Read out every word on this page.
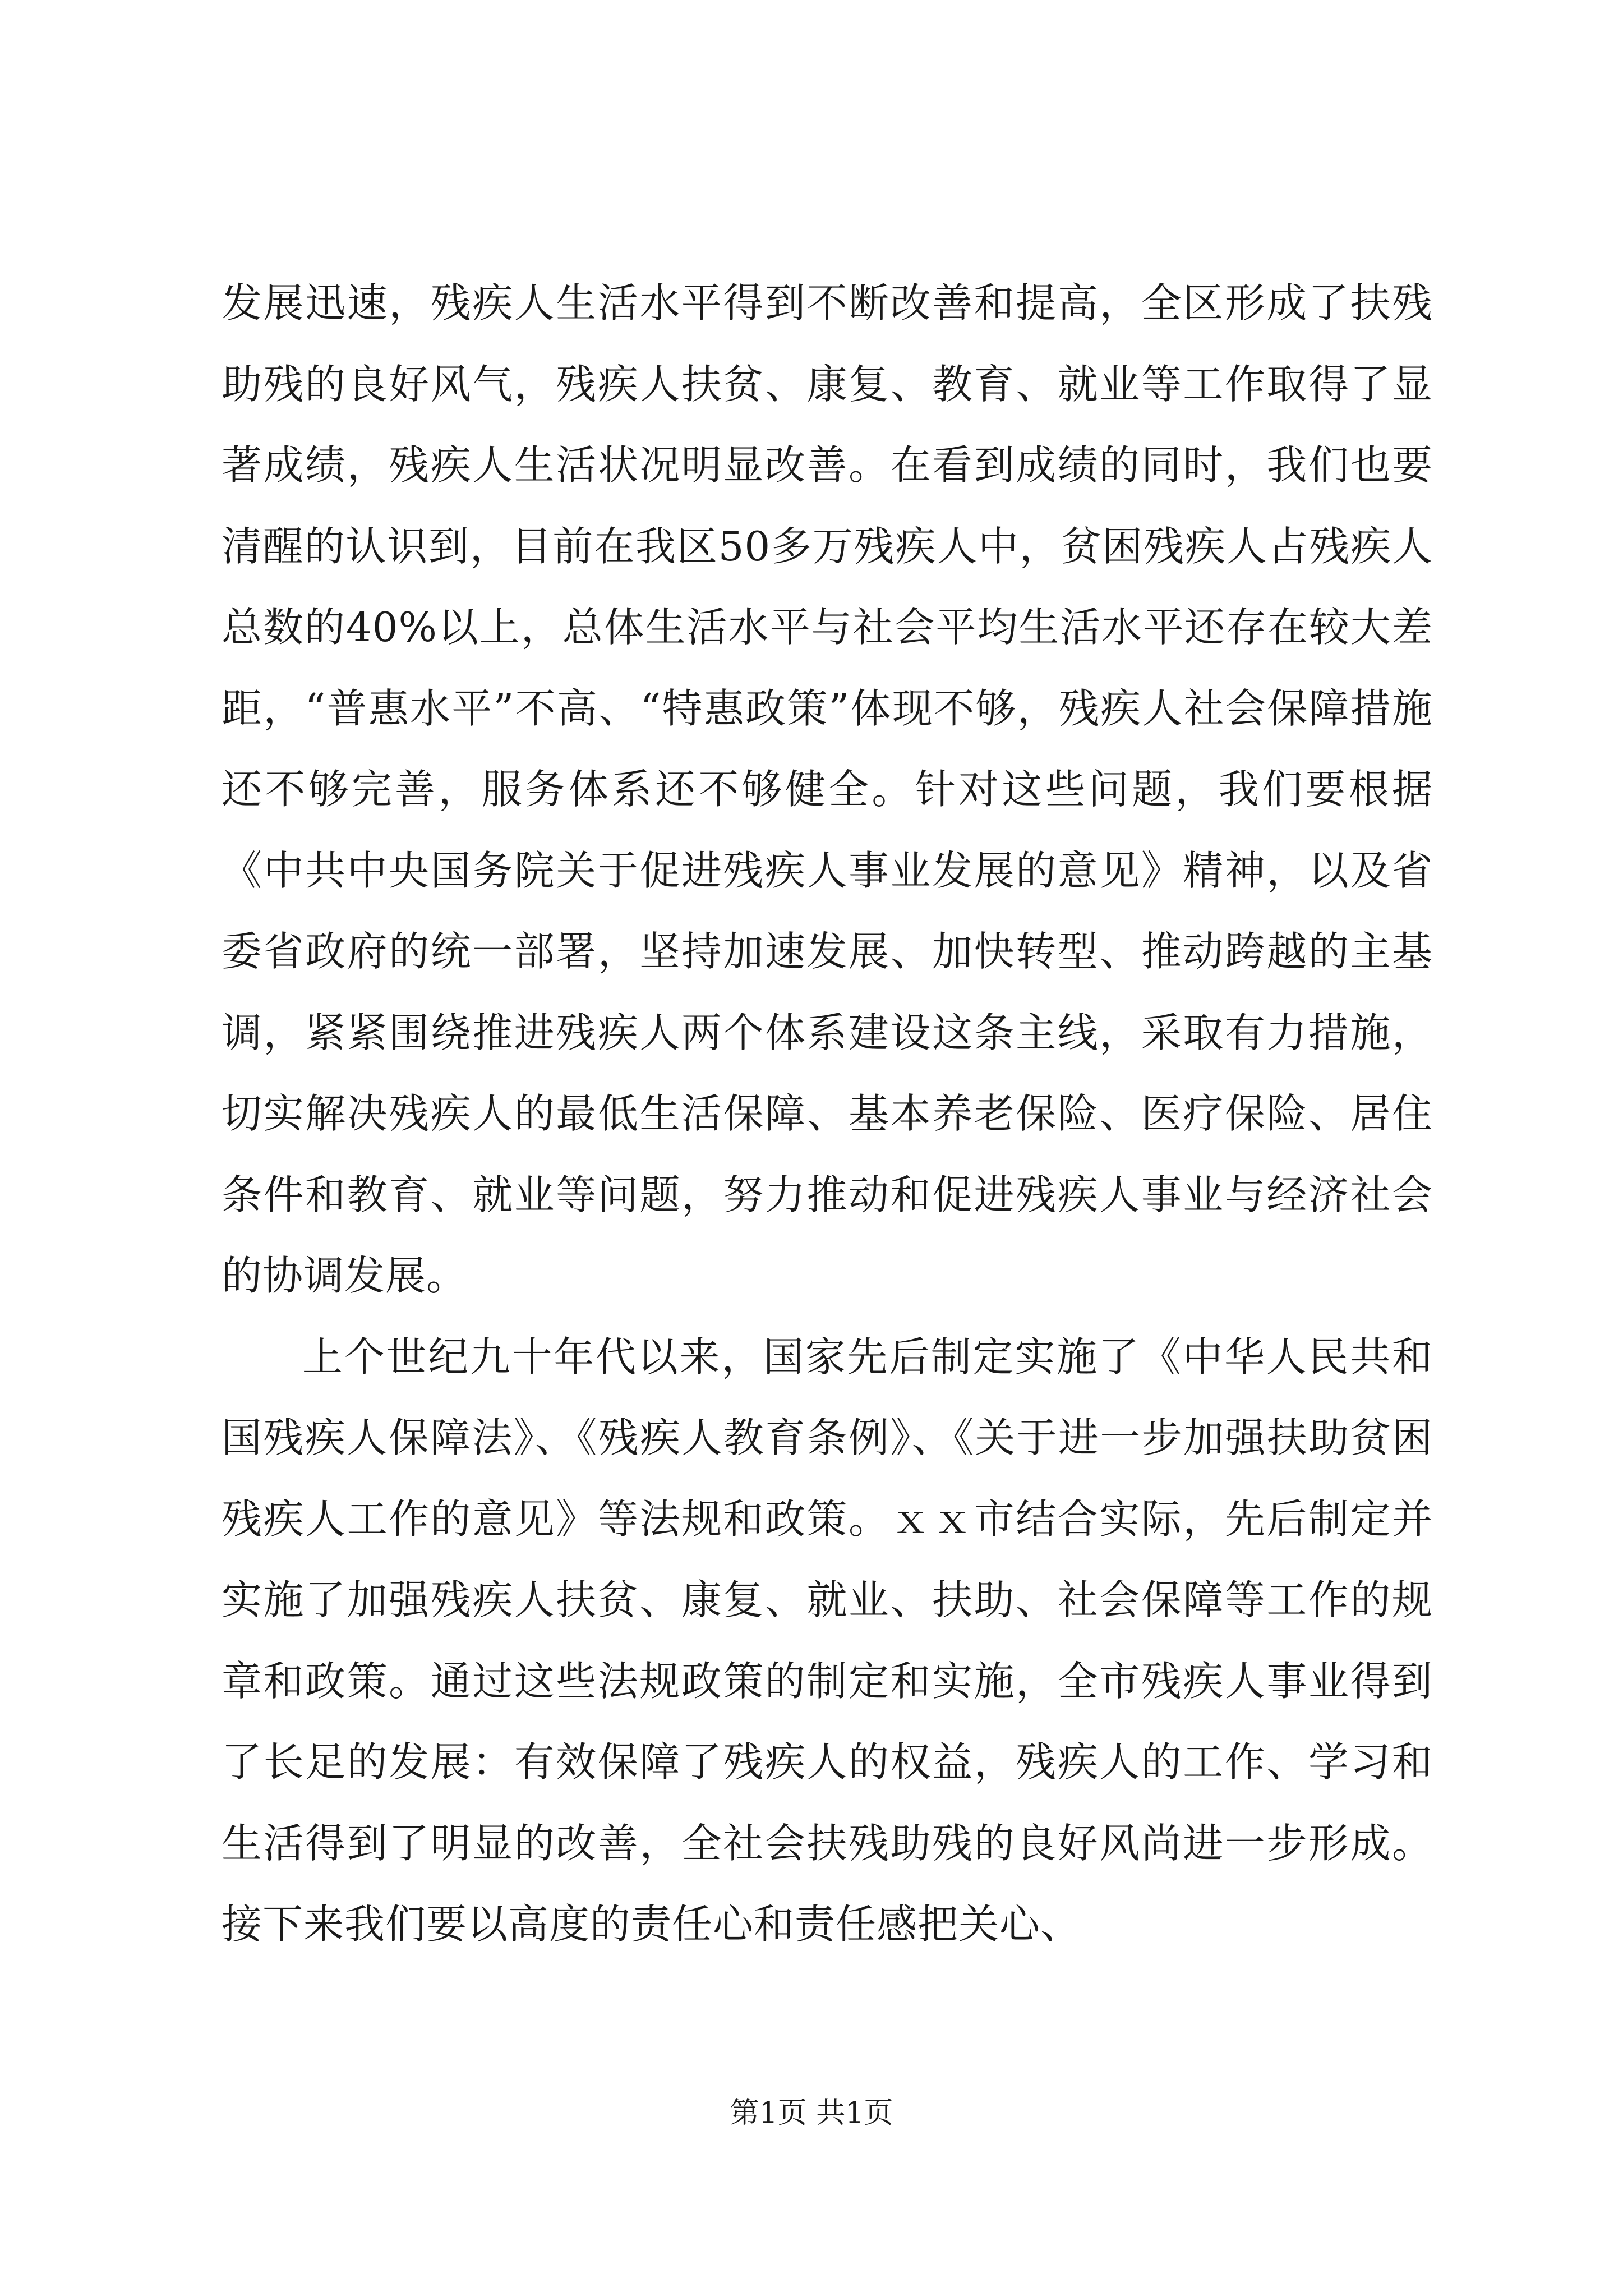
发展迅速，残疾人生活水平得到不断改善和提高，全区形成了扶残助残的良好风气，残疾人扶贫、康复、教育、就业等工作取得了显著成绩，残疾人生活状况明显改善。在看到成绩的同时，我们也要清醒的认识到，目前在我区50多万残疾人中，贫困残疾人占残疾人总数的40%以上，总体生活水平与社会平均生活水平还存在较大差距，“普惠水平”不高、“特惠政策”体现不够，残疾人社会保障措施还不够完善，服务体系还不够健全。针对这些问题，我们要根据《中共中央国务院关于促进残疾人事业发展的意见》精神，以及省委省政府的统一部署，坚持加速发展、加快转型、推动跨越的主基调，紧紧围绕推进残疾人两个体系建设这条主线，采取有力措施，切实解决残疾人的最低生活保障、基本养老保险、医疗保险、居住条件和教育、就业等问题，努力推动和促进残疾人事业与经济社会的协调发展。

上个世纪九十年代以来，国家先后制定实施了《中华人民共和国残疾人保障法》、《残疾人教育条例》、《关于进一步加强扶助贫困残疾人工作的意见》等法规和政策。ｘｘ市结合实际，先后制定并实施了加强残疾人扶贫、康复、就业、扶助、社会保障等工作的规章和政策。通过这些法规政策的制定和实施，全市残疾人事业得到了长足的发展：有效保障了残疾人的权益，残疾人的工作、学习和生活得到了明显的改善，全社会扶残助残的良好风尚进一步形成。接下来我们要以高度的责任心和责任感把关心、

第1页 共1页
